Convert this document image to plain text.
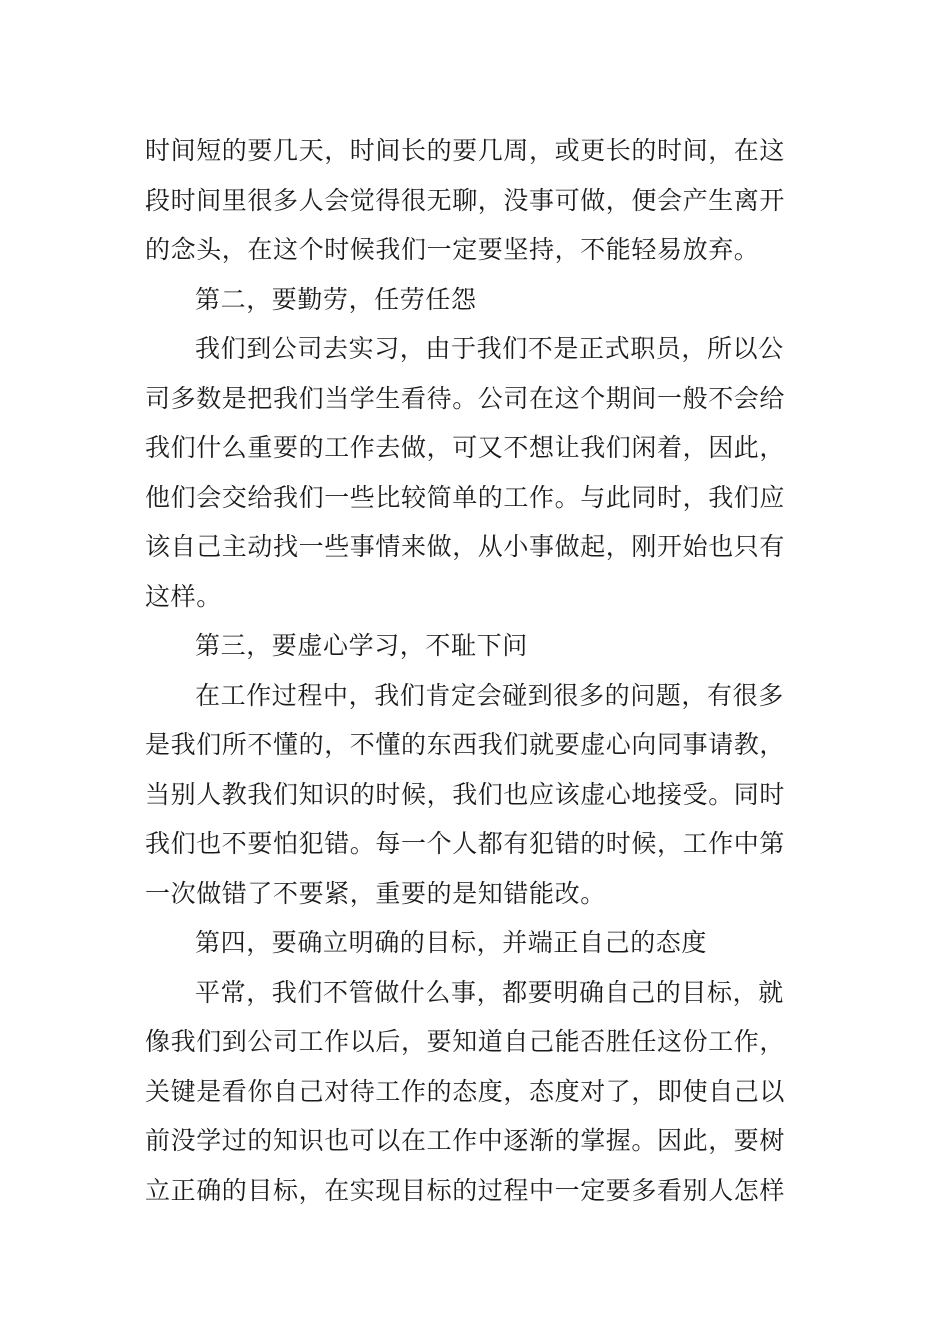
时间短的要几天，时间长的要几周，或更长的时间，在这
段时间里很多人会觉得很无聊，没事可做，便会产生离开
的念头，在这个时候我们一定要坚持，不能轻易放弃。
第二，要勤劳，任劳任怨
我们到公司去实习，由于我们不是正式职员，所以公
司多数是把我们当学生看待。公司在这个期间一般不会给
我们什么重要的工作去做，可又不想让我们闲着，因此，
他们会交给我们一些比较简单的工作。与此同时，我们应
该自己主动找一些事情来做，从小事做起，刚开始也只有
这样。
第三，要虚心学习，不耻下问
在工作过程中，我们肯定会碰到很多的问题，有很多
是我们所不懂的，不懂的东西我们就要虚心向同事请教，
当别人教我们知识的时候，我们也应该虚心地接受。同时
我们也不要怕犯错。每一个人都有犯错的时候，工作中第
一次做错了不要紧，重要的是知错能改。
第四，要确立明确的目标，并端正自己的态度
平常，我们不管做什么事，都要明确自己的目标，就
像我们到公司工作以后，要知道自己能否胜任这份工作，
关键是看你自己对待工作的态度，态度对了，即使自己以
前没学过的知识也可以在工作中逐渐的掌握。因此，要树
立正确的目标，在实现目标的过程中一定要多看别人怎样
